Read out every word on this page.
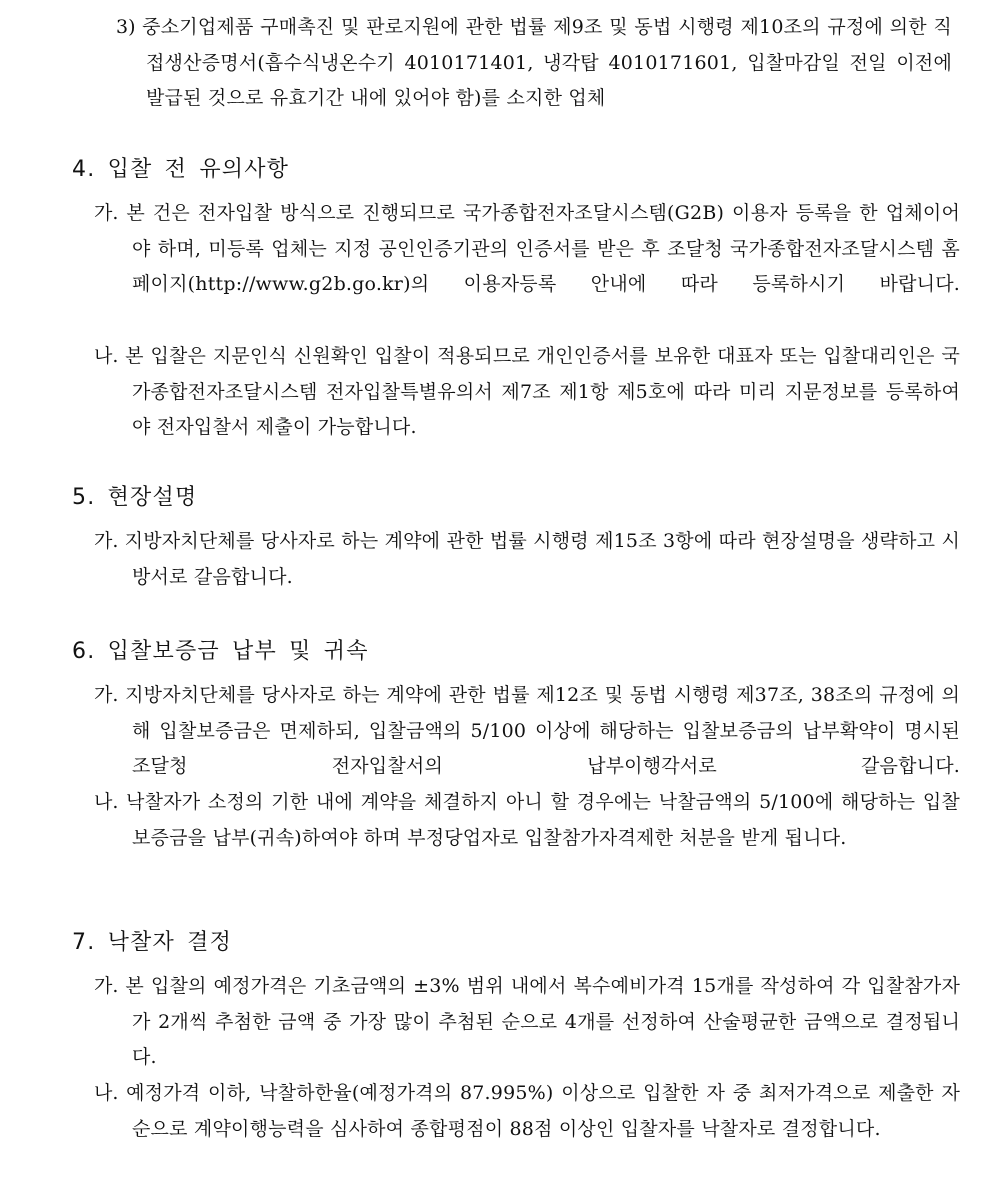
3) 중소기업제품 구매촉진 및 판로지원에 관한 법률 제9조 및 동법 시행령 제10조의 규정에 의한 직접생산증명서(흡수식냉온수기 4010171401, 냉각탑 4010171601, 입찰마감일 전일 이전에 발급된 것으로 유효기간 내에 있어야 함)를 소지한 업체
4. 입찰 전 유의사항
가. 본 건은 전자입찰 방식으로 진행되므로 국가종합전자조달시스템(G2B) 이용자 등록을 한 업체이어야 하며, 미등록 업체는 지정 공인인증기관의 인증서를 받은 후 조달청 국가종합전자조달시스템 홈페이지(http://www.g2b.go.kr)의 이용자등록 안내에 따라 등록하시기 바랍니다.
나. 본 입찰은 지문인식 신원확인 입찰이 적용되므로 개인인증서를 보유한 대표자 또는 입찰대리인은 국가종합전자조달시스템 전자입찰특별유의서 제7조 제1항 제5호에 따라 미리 지문정보를 등록하여야 전자입찰서 제출이 가능합니다.
5. 현장설명
가. 지방자치단체를 당사자로 하는 계약에 관한 법률 시행령 제15조 3항에 따라 현장설명을 생략하고 시방서로 갈음합니다.
6. 입찰보증금 납부 및 귀속
가. 지방자치단체를 당사자로 하는 계약에 관한 법률 제12조 및 동법 시행령 제37조, 38조의 규정에 의해 입찰보증금은 면제하되, 입찰금액의 5/100 이상에 해당하는 입찰보증금의 납부확약이 명시된 조달청 전자입찰서의 납부이행각서로 갈음합니다.
나. 낙찰자가 소정의 기한 내에 계약을 체결하지 아니 할 경우에는 낙찰금액의 5/100에 해당하는 입찰보증금을 납부(귀속)하여야 하며 부정당업자로 입찰참가자격제한 처분을 받게 됩니다.
7. 낙찰자 결정
가. 본 입찰의 예정가격은 기초금액의 ±3% 범위 내에서 복수예비가격 15개를 작성하여 각 입찰참가자가 2개씩 추첨한 금액 중 가장 많이 추첨된 순으로 4개를 선정하여 산술평균한 금액으로 결정됩니다.
나. 예정가격 이하, 낙찰하한율(예정가격의 87.995%) 이상으로 입찰한 자 중 최저가격으로 제출한 자 순으로 계약이행능력을 심사하여 종합평점이 88점 이상인 입찰자를 낙찰자로 결정합니다.
